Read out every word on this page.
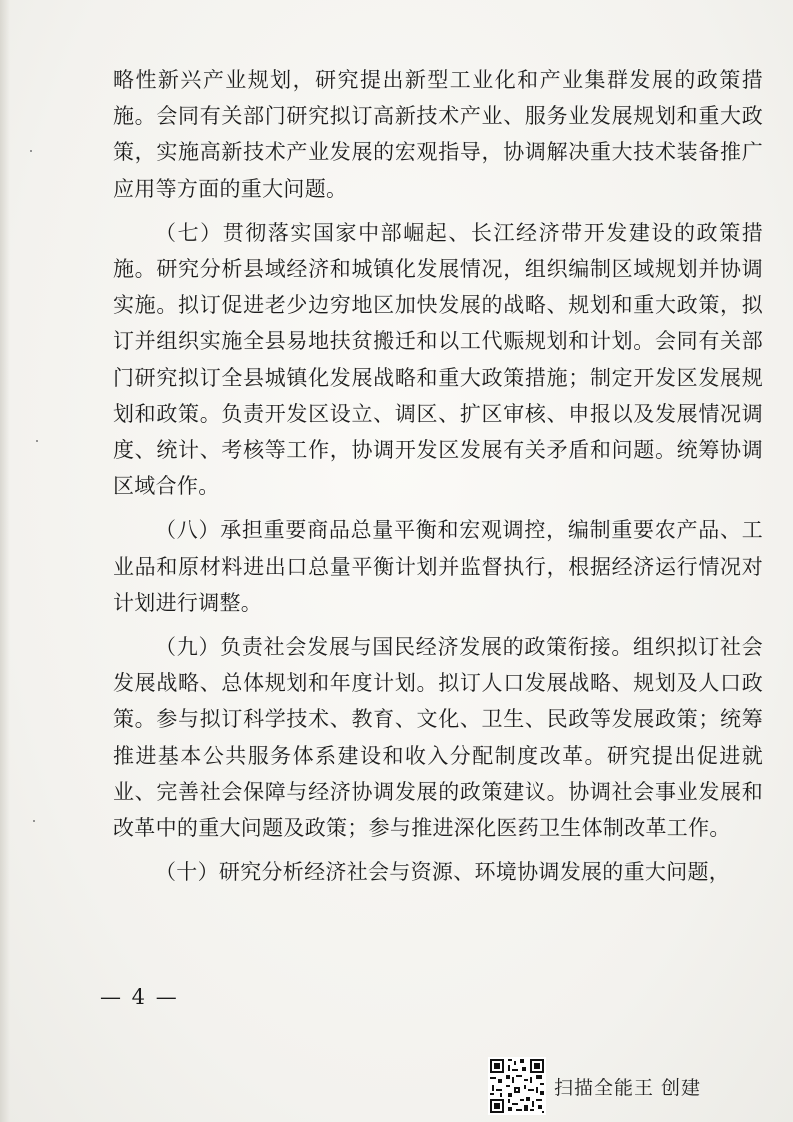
略性新兴产业规划，研究提出新型工业化和产业集群发展的政策措施。会同有关部门研究拟订高新技术产业、服务业发展规划和重大政策，实施高新技术产业发展的宏观指导，协调解决重大技术装备推广应用等方面的重大问题。

（七）贯彻落实国家中部崛起、长江经济带开发建设的政策措施。研究分析县域经济和城镇化发展情况，组织编制区域规划并协调实施。拟订促进老少边穷地区加快发展的战略、规划和重大政策，拟订并组织实施全县易地扶贫搬迁和以工代赈规划和计划。会同有关部门研究拟订全县城镇化发展战略和重大政策措施；制定开发区发展规划和政策。负责开发区设立、调区、扩区审核、申报以及发展情况调度、统计、考核等工作，协调开发区发展有关矛盾和问题。统筹协调区域合作。

（八）承担重要商品总量平衡和宏观调控，编制重要农产品、工业品和原材料进出口总量平衡计划并监督执行，根据经济运行情况对计划进行调整。

（九）负责社会发展与国民经济发展的政策衔接。组织拟订社会发展战略、总体规划和年度计划。拟订人口发展战略、规划及人口政策。参与拟订科学技术、教育、文化、卫生、民政等发展政策；统筹推进基本公共服务体系建设和收入分配制度改革。研究提出促进就业、完善社会保障与经济协调发展的政策建议。协调社会事业发展和改革中的重大问题及政策；参与推进深化医药卫生体制改革工作。

（十）研究分析经济社会与资源、环境协调发展的重大问题，

— 4 —
扫描全能王 创建
